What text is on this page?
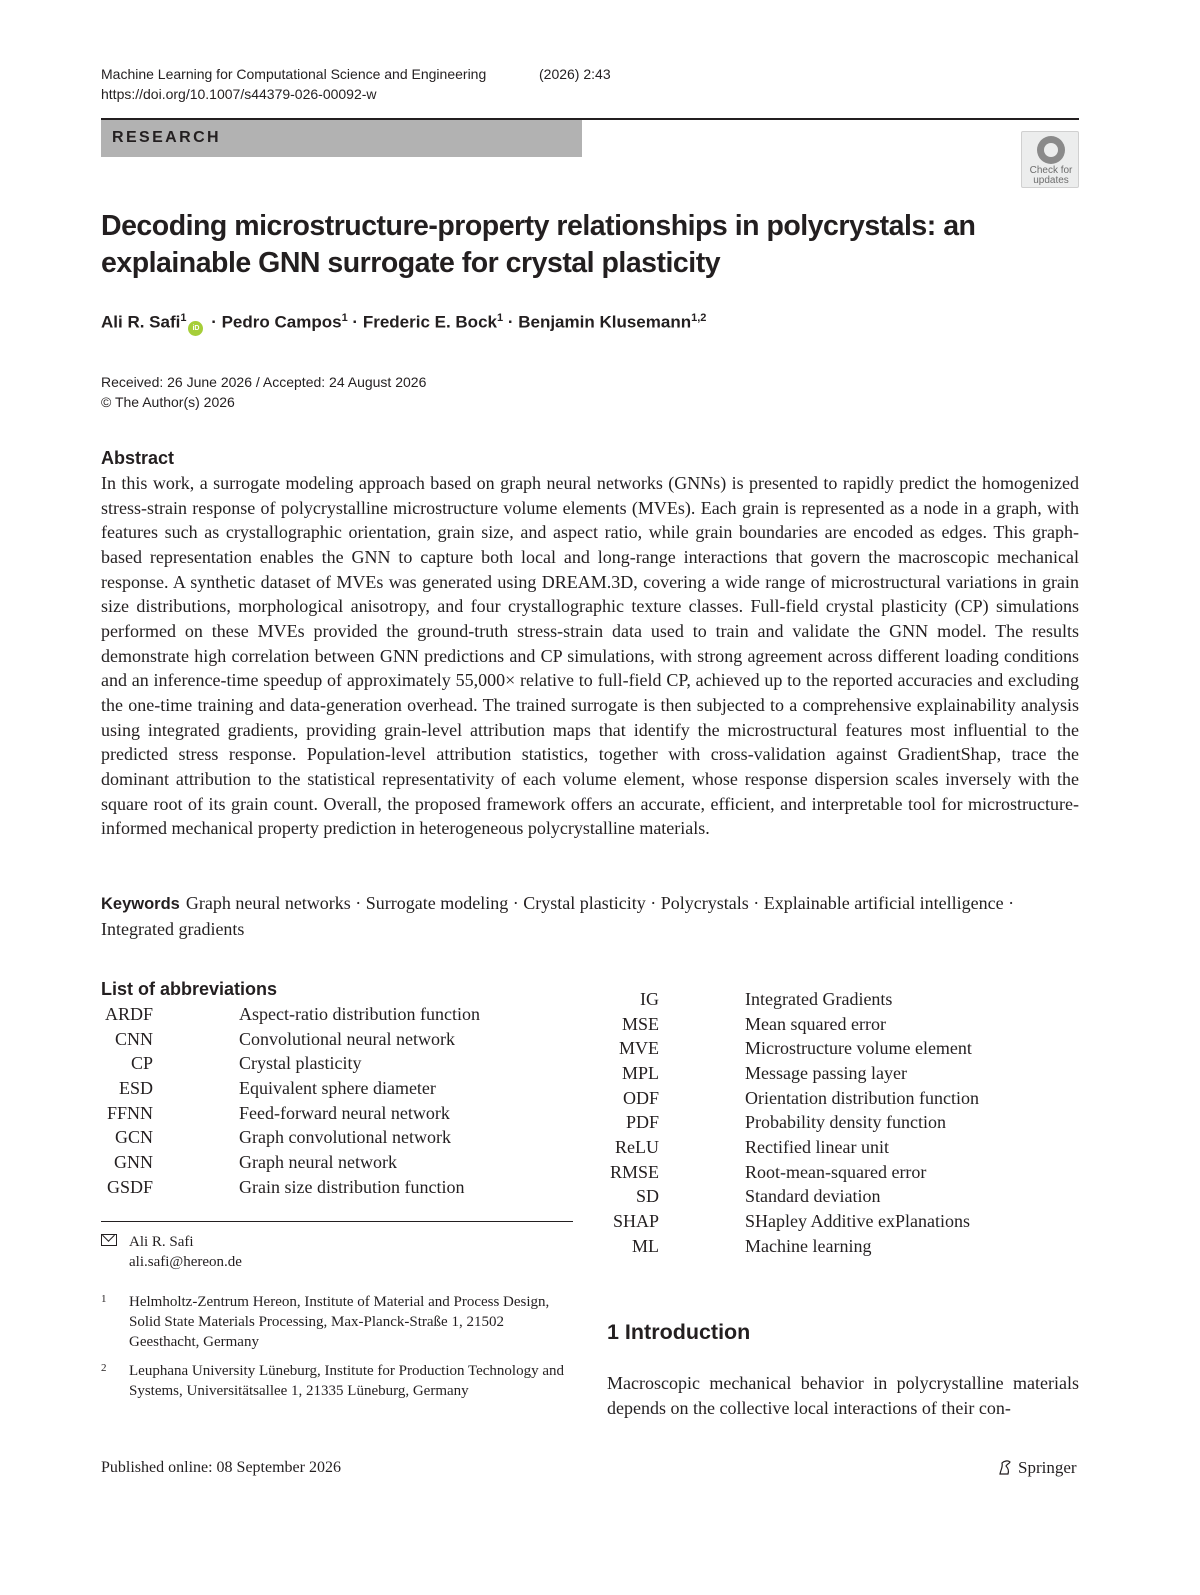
Machine Learning for Computational Science and Engineering	(2026) 2:43
https://doi.org/10.1007/s44379-026-00092-w
RESEARCH
Check for
updates
Decoding microstructure-property relationships in polycrystals: an explainable GNN surrogate for crystal plasticity
Ali R. Safi$^1$iD · Pedro Campos$^1$ · Frederic E. Bock$^1$ · Benjamin Klusemann$^{1,2}$
Received: 26 June 2026 / Accepted: 24 August 2026
© The Author(s) 2026
Abstract
In this work, a surrogate modeling approach based on graph neural networks (GNNs) is presented to rapidly predict the homogenized stress-strain response of polycrystalline microstructure volume elements (MVEs). Each grain is represented as a node in a graph, with features such as crystallographic orientation, grain size, and aspect ratio, while grain boundaries are encoded as edges. This graph-based representation enables the GNN to capture both local and long-range interactions that govern the macroscopic mechanical response. A synthetic dataset of MVEs was generated using DREAM.3D, covering a wide range of microstructural variations in grain size distributions, morphological anisotropy, and four crystallographic texture classes. Full-field crystal plasticity (CP) simulations performed on these MVEs provided the ground-truth stress-strain data used to train and validate the GNN model. The results demonstrate high correlation between GNN predictions and CP simulations, with strong agreement across different loading conditions and an inference-time speedup of approximately 55,000× relative to full-field CP, achieved up to the reported accuracies and excluding the one-time training and data-generation overhead. The trained surrogate is then subjected to a comprehensive explainability analysis using integrated gradients, providing grain-level attribution maps that identify the microstructural features most influential to the predicted stress response. Population-level attribution statistics, together with cross-validation against GradientShap, trace the dominant attribution to the statistical representativity of each volume element, whose response dispersion scales inversely with the square root of its grain count. Overall, the proposed framework offers an accurate, efficient, and interpretable tool for microstructure-informed mechanical property prediction in heterogeneous polycrystalline materials.
Keywords Graph neural networks · Surrogate modeling · Crystal plasticity · Polycrystals · Explainable artificial intelligence · Integrated gradients
List of abbreviations
ARDF	Aspect-ratio distribution function
CNN	Convolutional neural network
CP	Crystal plasticity
ESD	Equivalent sphere diameter
FFNN	Feed-forward neural network
GCN	Graph convolutional network
GNN	Graph neural network
GSDF	Grain size distribution function
IG	Integrated Gradients
MSE	Mean squared error
MVE	Microstructure volume element
MPL	Message passing layer
ODF	Orientation distribution function
PDF	Probability density function
ReLU	Rectified linear unit
RMSE	Root-mean-squared error
SD	Standard deviation
SHAP	SHapley Additive exPlanations
ML	Machine learning
Ali R. Safi
ali.safi@hereon.de
1 Helmholtz-Zentrum Hereon, Institute of Material and Process Design, Solid State Materials Processing, Max-Planck-Straße 1, 21502 Geesthacht, Germany
2 Leuphana University Lüneburg, Institute for Production Technology and Systems, Universitätsallee 1, 21335 Lüneburg, Germany
1 Introduction
Macroscopic mechanical behavior in polycrystalline materials depends on the collective local interactions of their con-
Published online: 08 September 2026	Springer
